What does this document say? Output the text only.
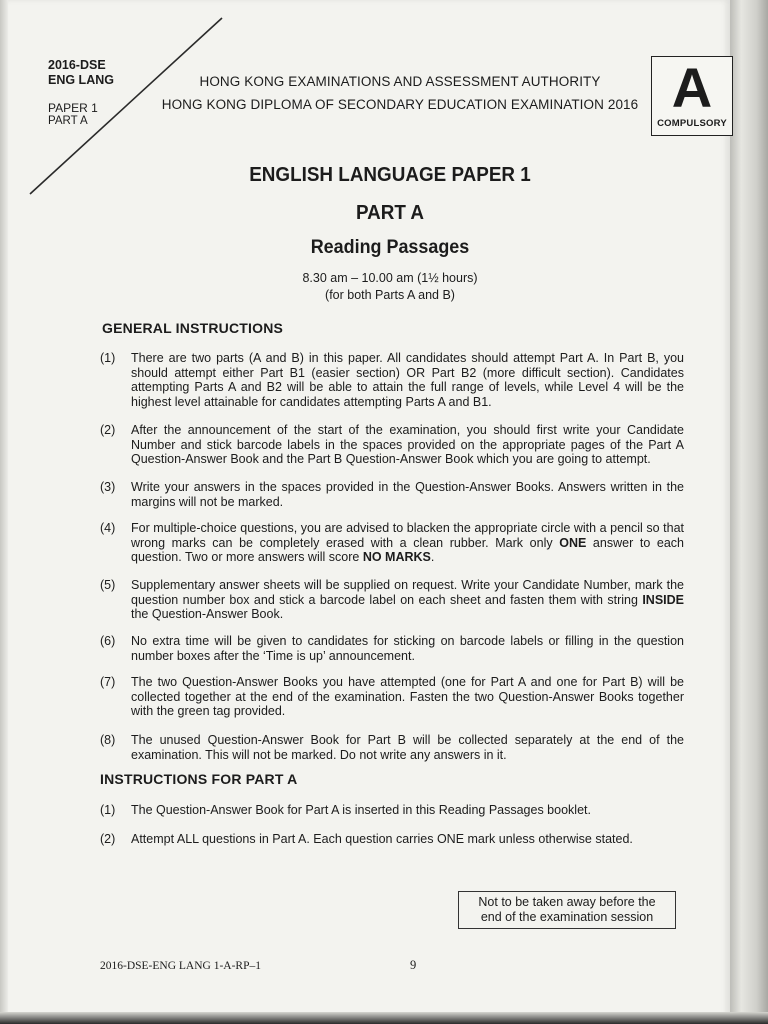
2016-DSE
ENG LANG
PAPER 1
PART A
HONG KONG EXAMINATIONS AND ASSESSMENT AUTHORITY
HONG KONG DIPLOMA OF SECONDARY EDUCATION EXAMINATION 2016 A
COMPULSORY
ENGLISH LANGUAGE PAPER 1
PART A
Reading Passages
8.30 am – 10.00 am (1½ hours)
(for both Parts A and B)
GENERAL INSTRUCTIONS
(1) There are two parts (A and B) in this paper. All candidates should attempt Part A. In Part B, you should attempt either Part B1 (easier section) OR Part B2 (more difficult section). Candidates attempting Parts A and B2 will be able to attain the full range of levels, while Level 4 will be the highest level attainable for candidates attempting Parts A and B1.
(2) After the announcement of the start of the examination, you should first write your Candidate Number and stick barcode labels in the spaces provided on the appropriate pages of the Part A Question-Answer Book and the Part B Question-Answer Book which you are going to attempt.
(3) Write your answers in the spaces provided in the Question-Answer Books. Answers written in the margins will not be marked.
(4) For multiple-choice questions, you are advised to blacken the appropriate circle with a pencil so that wrong marks can be completely erased with a clean rubber. Mark only ONE answer to each question. Two or more answers will score NO MARKS.
(5) Supplementary answer sheets will be supplied on request. Write your Candidate Number, mark the question number box and stick a barcode label on each sheet and fasten them with string INSIDE the Question-Answer Book.
(6) No extra time will be given to candidates for sticking on barcode labels or filling in the question number boxes after the ‘Time is up’ announcement.
(7) The two Question-Answer Books you have attempted (one for Part A and one for Part B) will be collected together at the end of the examination. Fasten the two Question-Answer Books together with the green tag provided.
(8) The unused Question-Answer Book for Part B will be collected separately at the end of the examination. This will not be marked. Do not write any answers in it.
INSTRUCTIONS FOR PART A
(1) The Question-Answer Book for Part A is inserted in this Reading Passages booklet.
(2) Attempt ALL questions in Part A. Each question carries ONE mark unless otherwise stated.
Not to be taken away before the
end of the examination session
2016-DSE-ENG LANG 1-A-RP–1	9
